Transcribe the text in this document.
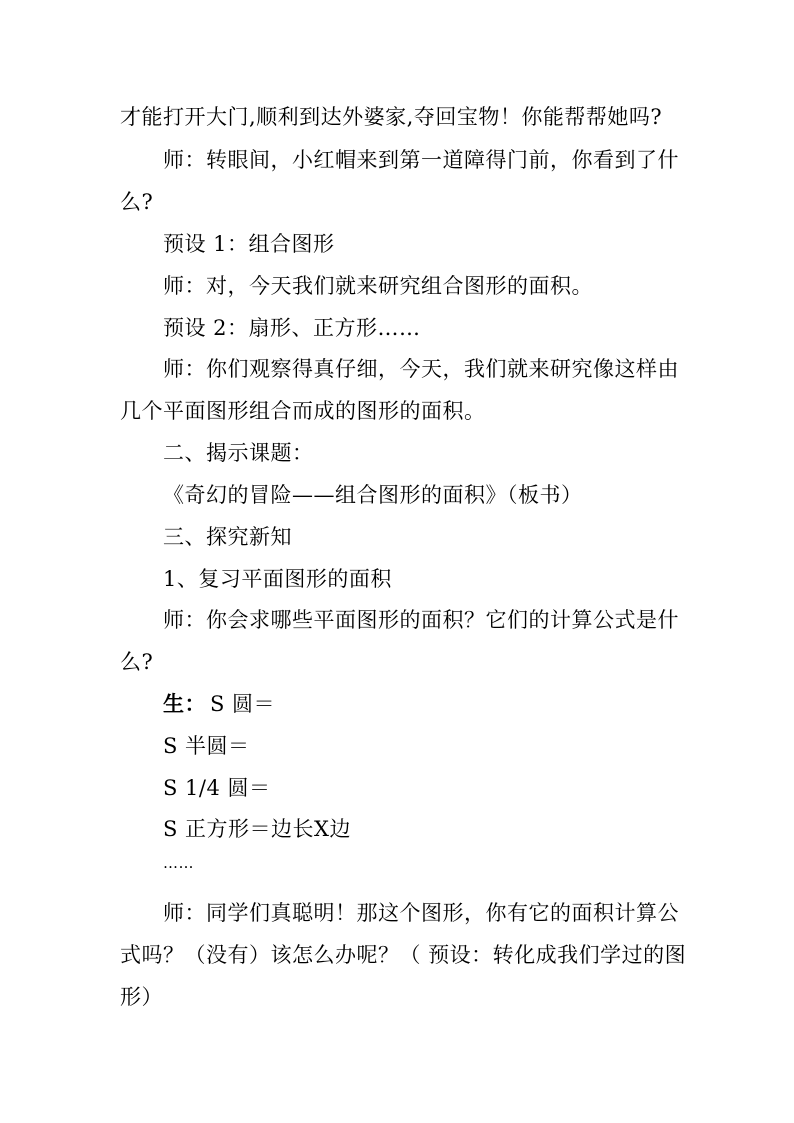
才能打开大门,顺利到达外婆家,夺回宝物！你能帮帮她吗?
师：转眼间，小红帽来到第一道障得门前，你看到了什
么?
预设 1：组合图形
师：对，今天我们就来研究组合图形的面积。
预设 2：扇形、正方形……
师：你们观察得真仔细，今天，我们就来研究像这样由
几个平面图形组合而成的图形的面积。
二、揭示课题：
《奇幻的冒险——组合图形的面积》（板书）
三、探究新知
1、复习平面图形的面积
师：你会求哪些平面图形的面积？它们的计算公式是什
么?
生： S 圆＝
S 半圆＝
S 1/4 圆＝
S 正方形＝边长X边
……
师：同学们真聪明！那这个图形，你有它的面积计算公
式吗？（没有）该怎么办呢？（ 预设：转化成我们学过的图
形）
